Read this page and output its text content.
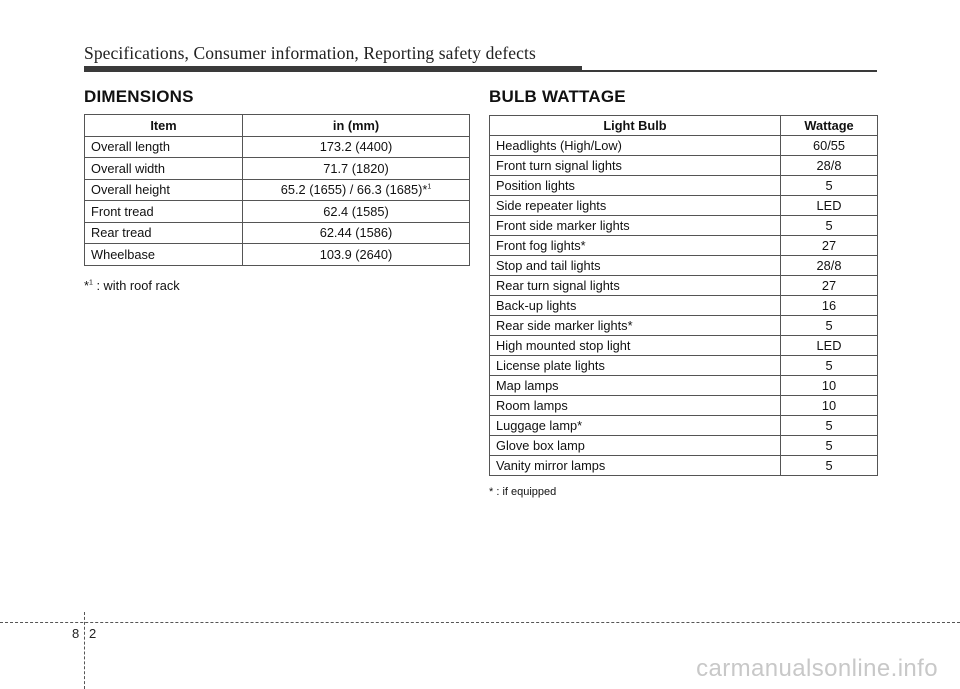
Specifications, Consumer information, Reporting safety defects
DIMENSIONS
Item	in (mm)
Overall length	173.2 (4400)
Overall width	71.7 (1820)
Overall height	65.2 (1655) / 66.3 (1685)*$^1$
Front tread	62.4 (1585)
Rear tread	62.44 (1586)
Wheelbase	103.9 (2640)
*$^1$ : with roof rack
BULB WATTAGE
Light Bulb	Wattage
Headlights (High/Low)	60/55
Front turn signal lights	28/8
Position lights	5
Side repeater lights	LED
Front side marker lights	5
Front fog lights*	27
Stop and tail lights	28/8
Rear turn signal lights	27
Back-up lights	16
Rear side marker lights*	5
High mounted stop light	LED
License plate lights	5
Map lamps	10
Room lamps	10
Luggage lamp*	5
Glove box lamp	5
Vanity mirror lamps	5
* : if equipped
8 2
carmanualsonline.info
